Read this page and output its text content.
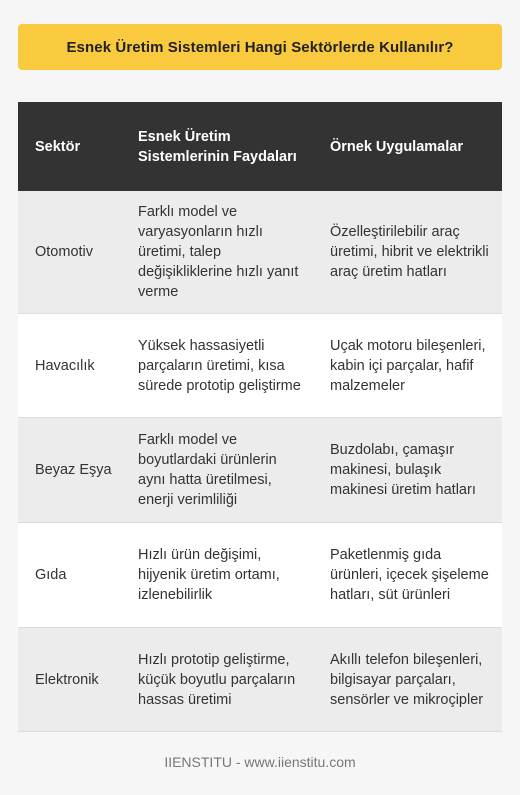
Esnek Üretim Sistemleri Hangi Sektörlerde Kullanılır?
Sektör
Esnek Üretim Sistemlerinin Faydaları
Örnek Uygulamalar
Otomotiv
Farklı model ve varyasyonların hızlı üretimi, talep değişikliklerine hızlı yanıt verme
Özelleştirilebilir araç üretimi, hibrit ve elektrikli araç üretim hatları
Havacılık
Yüksek hassasiyetli parçaların üretimi, kısa sürede prototip geliştirme
Uçak motoru bileşenleri, kabin içi parçalar, hafif malzemeler
Beyaz Eşya
Farklı model ve boyutlardaki ürünlerin aynı hatta üretilmesi, enerji verimliliği
Buzdolabı, çamaşır makinesi, bulaşık makinesi üretim hatları
Gıda
Hızlı ürün değişimi, hijyenik üretim ortamı, izlenebilirlik
Paketlenmiş gıda ürünleri, içecek şişeleme hatları, süt ürünleri
Elektronik
Hızlı prototip geliştirme, küçük boyutlu parçaların hassas üretimi
Akıllı telefon bileşenleri, bilgisayar parçaları, sensörler ve mikroçipler
IIENSTITU - www.iienstitu.com
